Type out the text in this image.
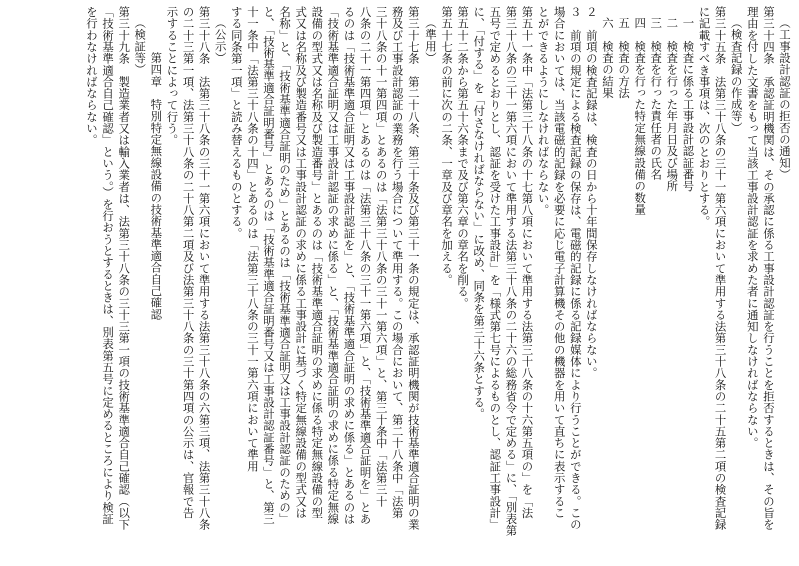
（工事設計認証の拒否の通知）

第三十四条　承認証明機関は、その承認に係る工事設計認証を行うことを拒否するときは、その旨を

理由を付した文書をもって当該工事設計認証を求めた者に通知しなければならない。

（検査記録の作成等）

第三十五条　法第三十八条の三十一第六項において準用する法第三十八条の二十五第二項の検査記録

に記載すべき事項は、次のとおりとする。

一　検査に係る工事設計認証番号

二　検査を行った年月日及び場所

三　検査を行った責任者の氏名

四　検査を行った特定無線設備の数量

五　検査の方法

六　検査の結果

２　前項の検査記録は、検査の日から十年間保存しなければならない。

３　前項の規定による検査記録の保存は、電磁的記録に係る記録媒体により行うことができる。この

場合においては、当該電磁的記録を必要に応じ電子計算機その他の機器を用いて直ちに表示するこ

とができるようにしなければならない。

第五十一条中「法第三十八条の十七第八項において準用する法第三十八条の十六第五項の」を「法

第三十八条の三十一第六項において準用する法第三十八条の二十六の総務省令で定める」に、「別表第

五号で定めるとおりとし、認証を受けた工事設計」を「様式第七号によるものとし、認証工事設計」

に、「付する」を「付さなければならない」に改め、同条を第三十六条とする。

第五十二条から第五十六条まで及び第六章の章名を削る。

第五十七条の前に次の二条、一章及び章名を加える。

（準用）

第三十七条　第二十八条、第三十条及び第三十一条の規定は、承認証明機関が技術基準適合証明の業

務及び工事設計認証の業務を行う場合について準用する。この場合において、第二十八条中「法第

三十八条の十一第四項」とあるのは「法第三十八条の三十一第六項」と、第三十条中「法第三十

八条の二十一第四項」とあるのは「法第三十八条の三十一第六項」と、「技術基準適合証明を」とあ

るのは「技術基準適合証明又は工事設計認証を」と、「技術基準適合証明の求めに係る」とあるのは

「技術基準適合証明又は工事設計認証の求めに係る」と、「技術基準適合証明の求めに係る特定無線

設備の型式又は名称及び製造番号」とあるのは「技術基準適合証明の求めに係る特定無線設備の型

式又は名称及び製造番号又は工事設計認証の求めに係る工事設計に基づく特定無線設備の型式又は

名称」と、「技術基準適合証明のため」とあるのは「技術基準適合証明又は工事設計認証のための」

と、「技術基準適合証明番号」とあるのは「技術基準適合証明番号又は工事設計認証番号」と、第三

十一条中「法第三十八条の十四」とあるのは「法第三十八条の三十一第六項において準用

する同条第一項」と読み替えるものとする。

（公示）

第三十八条　法第三十八条の三十一第六項において準用する法第三十八条の六第三項、法第三十八条

の二十三第一項、法第三十八条の二十八第二項及び法第三十八条の三十第四項の公示は、官報で告

示することによって行う。

第四章　特別特定無線設備の技術基準適合自己確認

（検証等）

第三十九条　製造業者又は輸入業者は、法第三十八条の三十三第一項の技術基準適合自己確認（以下

「技術基準適合自己確認」という。）を行おうとするときは、別表第五号に定めるところにより検証

を行わなければならない。
